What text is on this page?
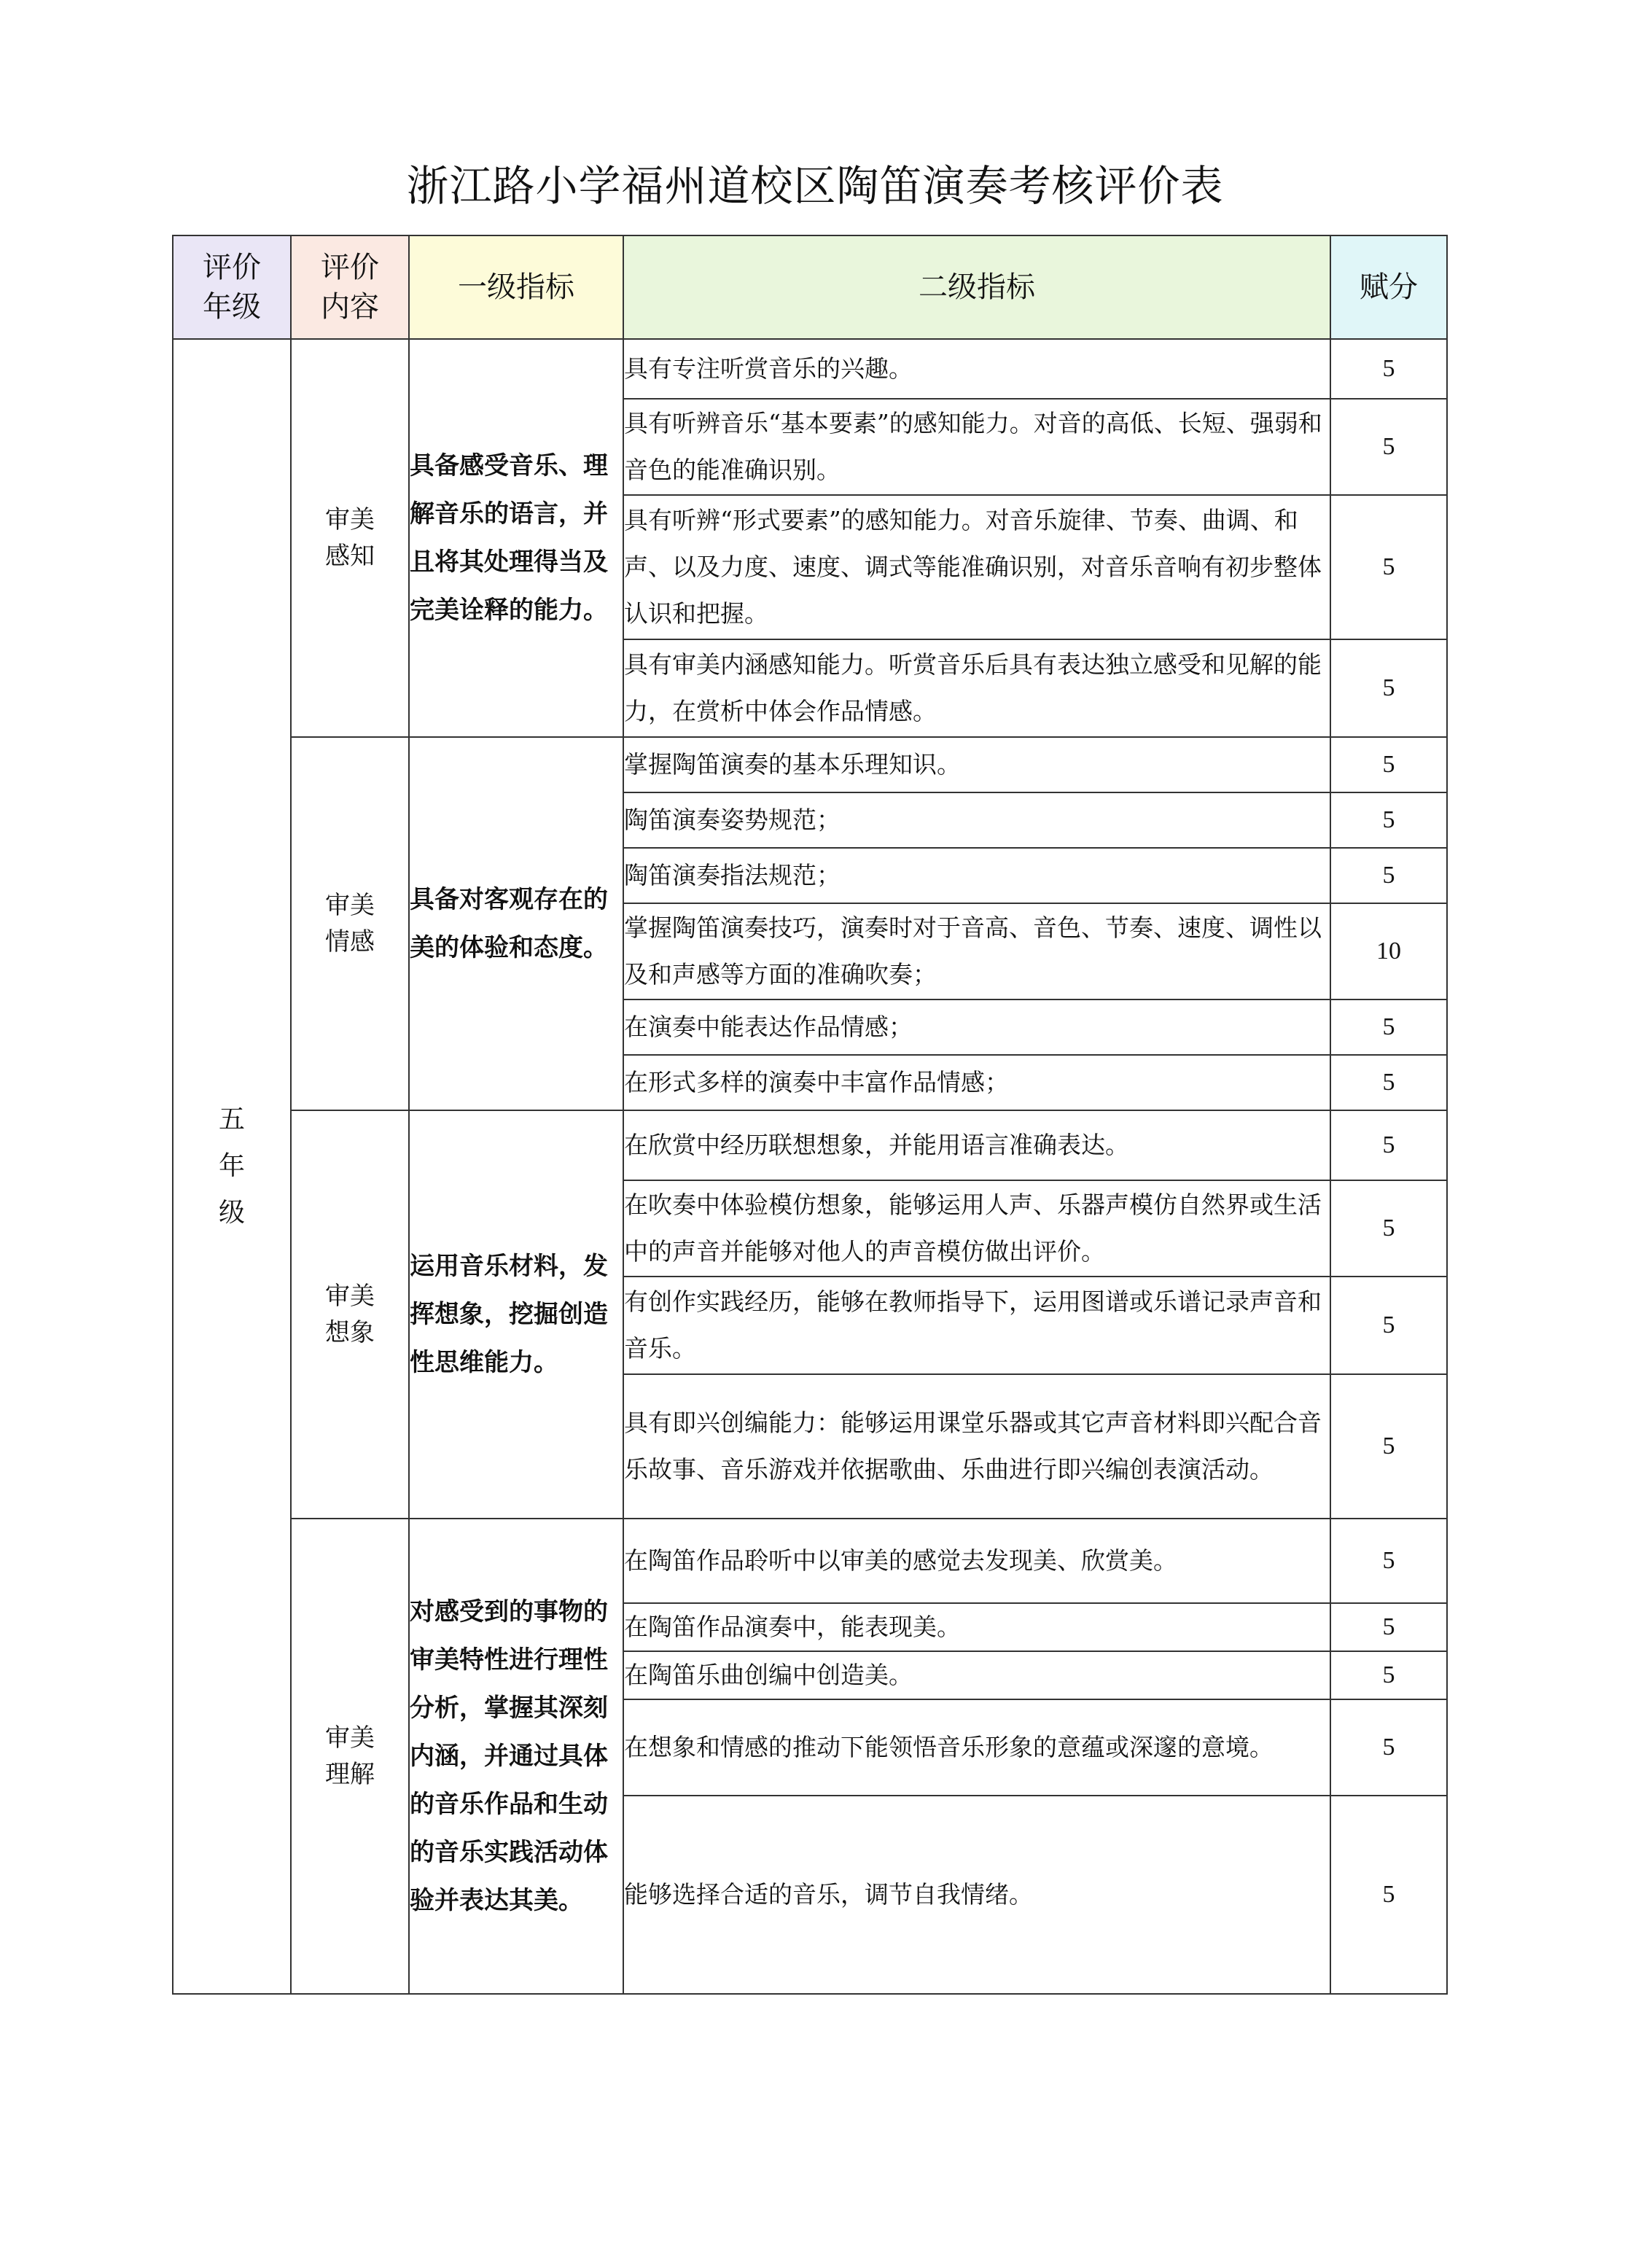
浙江路小学福州道校区陶笛演奏考核评价表
评价
年级	评价
内容	一级指标	二级指标	赋分

五
年
级	审美
感知	具备感受音乐、理解音乐的语言，并且将其处理得当及完美诠释的能力。	具有专注听赏音乐的兴趣。	5
			具有听辨音乐“基本要素”的感知能力。对音的高低、长短、强弱和音色的能准确识别。	5
			具有听辨“形式要素”的感知能力。对音乐旋律、节奏、曲调、和声、以及力度、速度、调式等能准确识别，对音乐音响有初步整体认识和把握。	5
			具有审美内涵感知能力。听赏音乐后具有表达独立感受和见解的能力，在赏析中体会作品情感。	5

	审美
情感	具备对客观存在的美的体验和态度。	掌握陶笛演奏的基本乐理知识。	5
			陶笛演奏姿势规范；	5
			陶笛演奏指法规范；	5
			掌握陶笛演奏技巧，演奏时对于音高、音色、节奏、速度、调性以及和声感等方面的准确吹奏；	10
			在演奏中能表达作品情感；	5
			在形式多样的演奏中丰富作品情感；	5

	审美
想象	运用音乐材料，发挥想象，挖掘创造性思维能力。	在欣赏中经历联想想象，并能用语言准确表达。	5
			在吹奏中体验模仿想象，能够运用人声、乐器声模仿自然界或生活中的声音并能够对他人的声音模仿做出评价。	5
			有创作实践经历，能够在教师指导下，运用图谱或乐谱记录声音和音乐。	5
			具有即兴创编能力：能够运用课堂乐器或其它声音材料即兴配合音乐故事、音乐游戏并依据歌曲、乐曲进行即兴编创表演活动。	5

	审美
理解	对感受到的事物的审美特性进行理性分析，掌握其深刻内涵，并通过具体的音乐作品和生动的音乐实践活动体验并表达其美。	在陶笛作品聆听中以审美的感觉去发现美、欣赏美。	5
			在陶笛作品演奏中，能表现美。	5
			在陶笛乐曲创编中创造美。	5
			在想象和情感的推动下能领悟音乐形象的意蕴或深邃的意境。	5
			能够选择合适的音乐，调节自我情绪。	5
